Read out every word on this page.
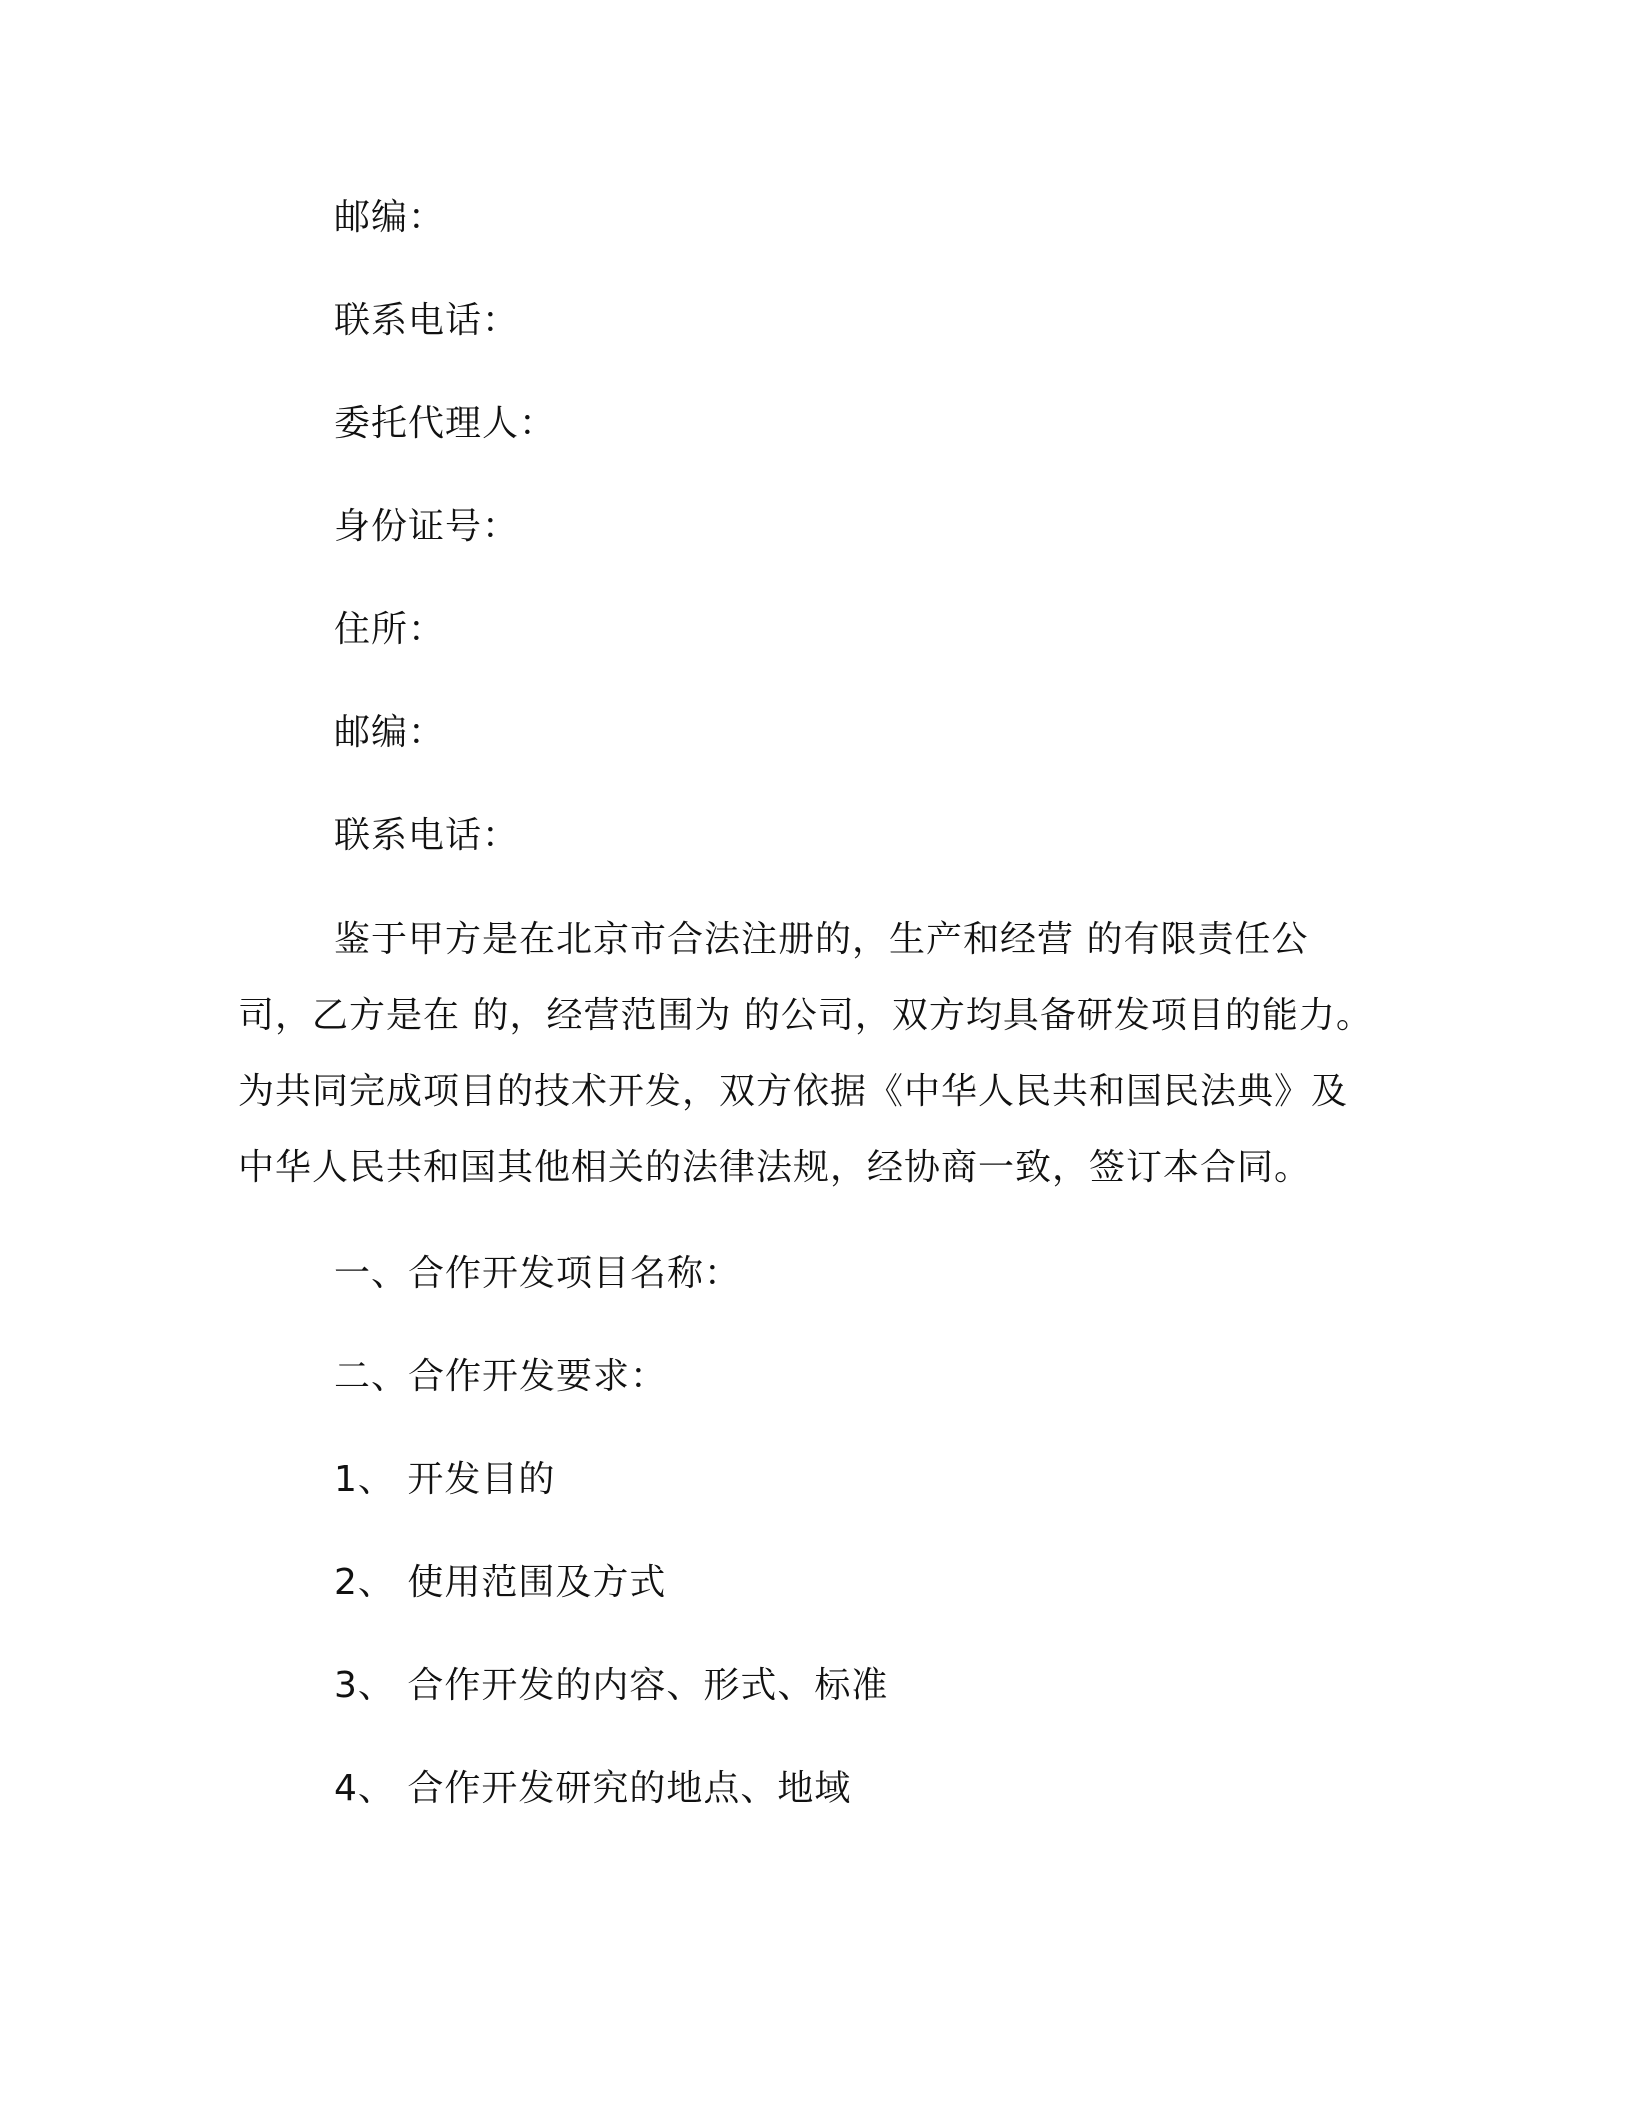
邮编：
联系电话：
委托代理人：
身份证号：
住所：
邮编：
联系电话：

鉴于甲方是在北京市合法注册的，生产和经营 的有限责任公司，乙方是在 的，经营范围为 的公司，双方均具备研发项目的能力。为共同完成项目的技术开发，双方依据《中华人民共和国民法典》及中华人民共和国其他相关的法律法规，经协商一致，签订本合同。

一、合作开发项目名称：
二、合作开发要求：
1、 开发目的
2、 使用范围及方式
3、 合作开发的内容、形式、标准
4、 合作开发研究的地点、地域
